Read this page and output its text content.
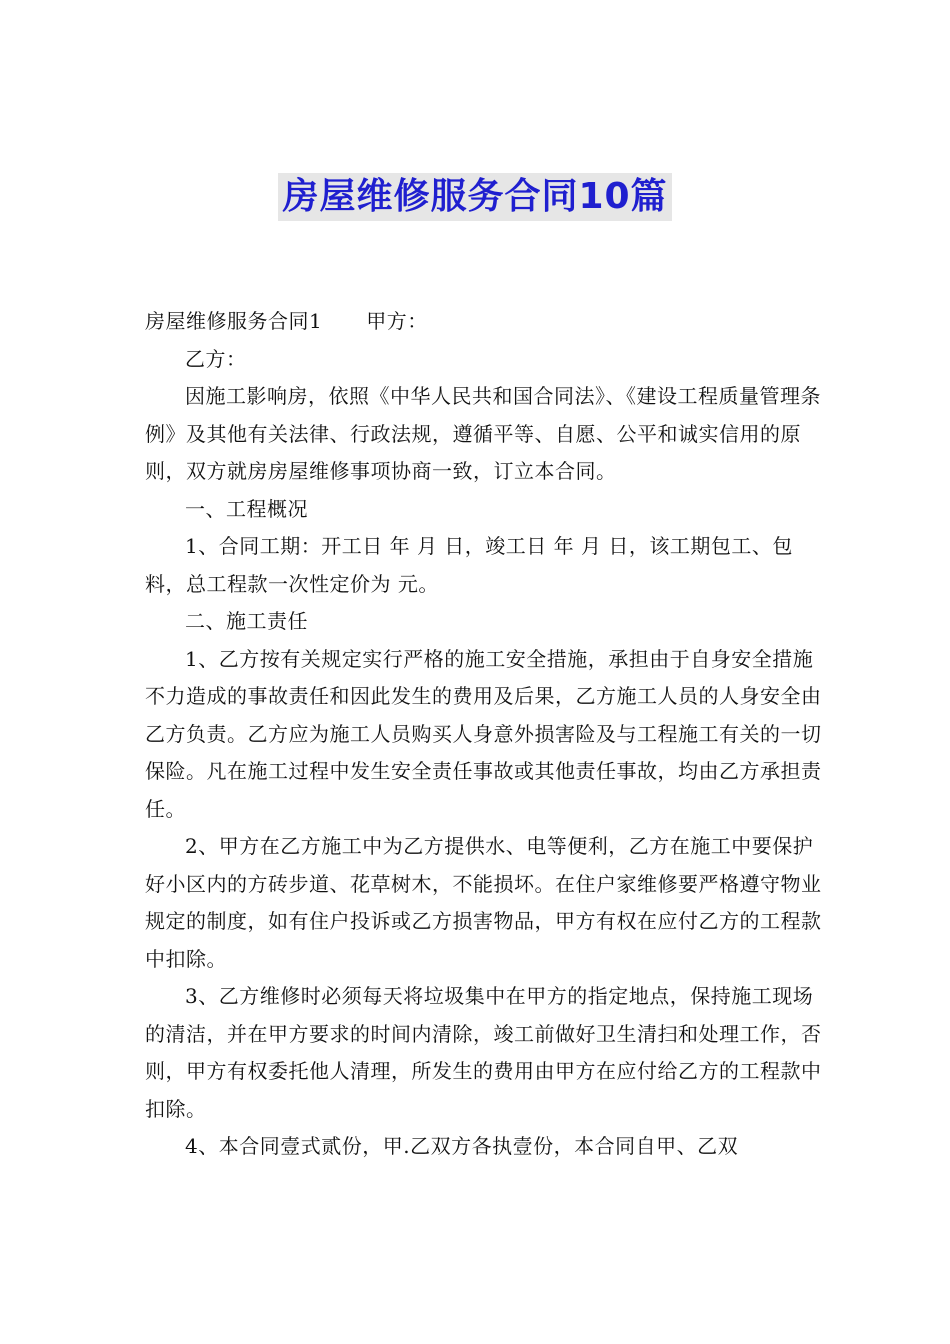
房屋维修服务合同10篇

房屋维修服务合同1 甲方：

乙方：

因施工影响房，依照《中华人民共和国合同法》、《建设工程质量管理条例》及其他有关法律、行政法规，遵循平等、自愿、公平和诚实信用的原则，双方就房房屋维修事项协商一致，订立本合同。

一、工程概况

1、合同工期：开工日 年 月 日，竣工日 年 月 日，该工期包工、包料，总工程款一次性定价为 元。

二、施工责任

1、乙方按有关规定实行严格的施工安全措施，承担由于自身安全措施不力造成的事故责任和因此发生的费用及后果，乙方施工人员的人身安全由乙方负责。乙方应为施工人员购买人身意外损害险及与工程施工有关的一切保险。凡在施工过程中发生安全责任事故或其他责任事故，均由乙方承担责任。

2、甲方在乙方施工中为乙方提供水、电等便利，乙方在施工中要保护好小区内的方砖步道、花草树木，不能损坏。在住户家维修要严格遵守物业规定的制度，如有住户投诉或乙方损害物品，甲方有权在应付乙方的工程款中扣除。

3、乙方维修时必须每天将垃圾集中在甲方的指定地点，保持施工现场的清洁，并在甲方要求的时间内清除，竣工前做好卫生清扫和处理工作，否则，甲方有权委托他人清理，所发生的费用由甲方在应付给乙方的工程款中扣除。

4、本合同壹式贰份，甲.乙双方各执壹份，本合同自甲、乙双
